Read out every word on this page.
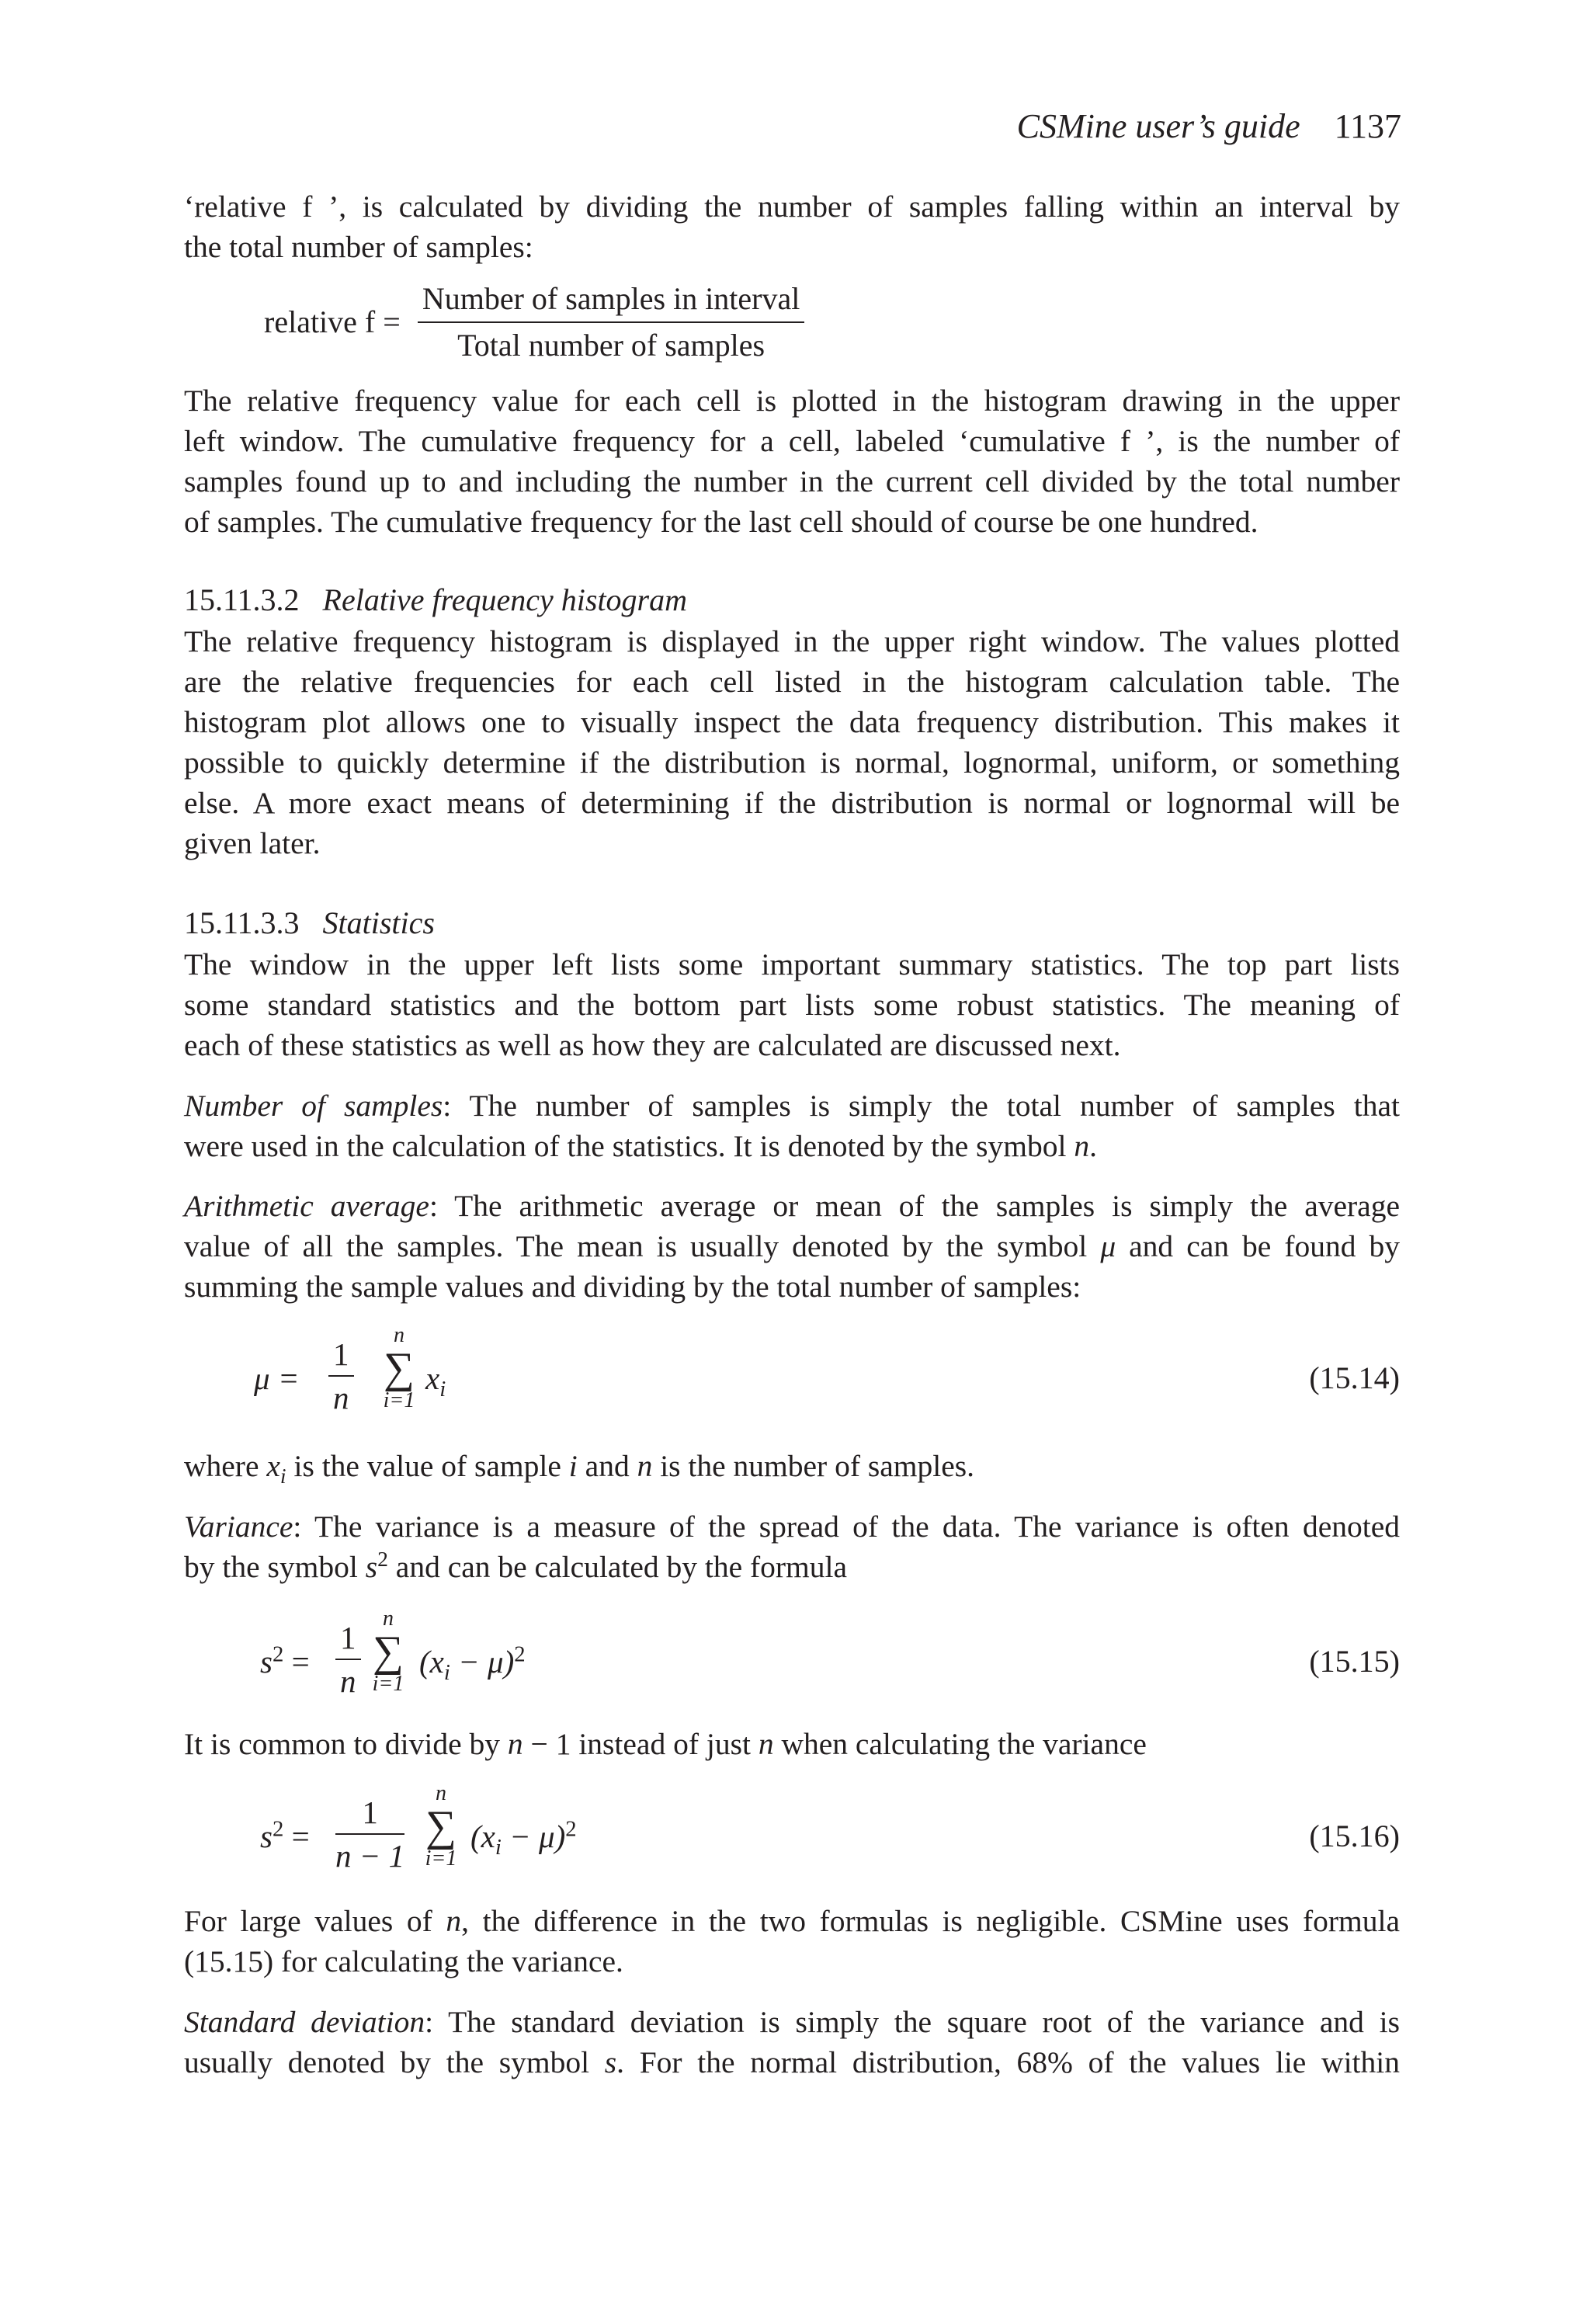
CSMine user’s guide 1137
‘relative f ’, is calculated by dividing the number of samples falling within an interval by
the total number of samples:
relative $f = \frac{\text{Number of samples in interval}}{\text{Total number of samples}}$
The relative frequency value for each cell is plotted in the histogram drawing in the upper
left window. The cumulative frequency for a cell, labeled ‘cumulative f ’, is the number of
samples found up to and including the number in the current cell divided by the total number
of samples. The cumulative frequency for the last cell should of course be one hundred.
15.11.3.2 Relative frequency histogram
The relative frequency histogram is displayed in the upper right window. The values plotted
are the relative frequencies for each cell listed in the histogram calculation table. The
histogram plot allows one to visually inspect the data frequency distribution. This makes it
possible to quickly determine if the distribution is normal, lognormal, uniform, or something
else. A more exact means of determining if the distribution is normal or lognormal will be
given later.
15.11.3.3 Statistics
The window in the upper left lists some important summary statistics. The top part lists
some standard statistics and the bottom part lists some robust statistics. The meaning of
each of these statistics as well as how they are calculated are discussed next.
Number of samples: The number of samples is simply the total number of samples that
were used in the calculation of the statistics. It is denoted by the symbol n.
Arithmetic average: The arithmetic average or mean of the samples is simply the average
value of all the samples. The mean is usually denoted by the symbol μ and can be found by
summing the sample values and dividing by the total number of samples:
$\mu = \frac{1}{n}$
n
∑
i=1
$x_i$	(15.14)
where $x_i$ is the value of sample i and n is the number of samples.
Variance: The variance is a measure of the spread of the data. The variance is often denoted
by the symbol $s^2$ and can be calculated by the formula
$s^2 = \frac{1}{n}$
n
∑
i=1
$(x_i - \mu)^2$	(15.15)
It is common to divide by n − 1 instead of just n when calculating the variance
$s^2 = \frac{1}{n - 1}$
n
∑
i=1
$(x_i - \mu)^2$	(15.16)
For large values of n, the difference in the two formulas is negligible. CSMine uses formula
(15.15) for calculating the variance.
Standard deviation: The standard deviation is simply the square root of the variance and is
usually denoted by the symbol s. For the normal distribution, 68% of the values lie within
